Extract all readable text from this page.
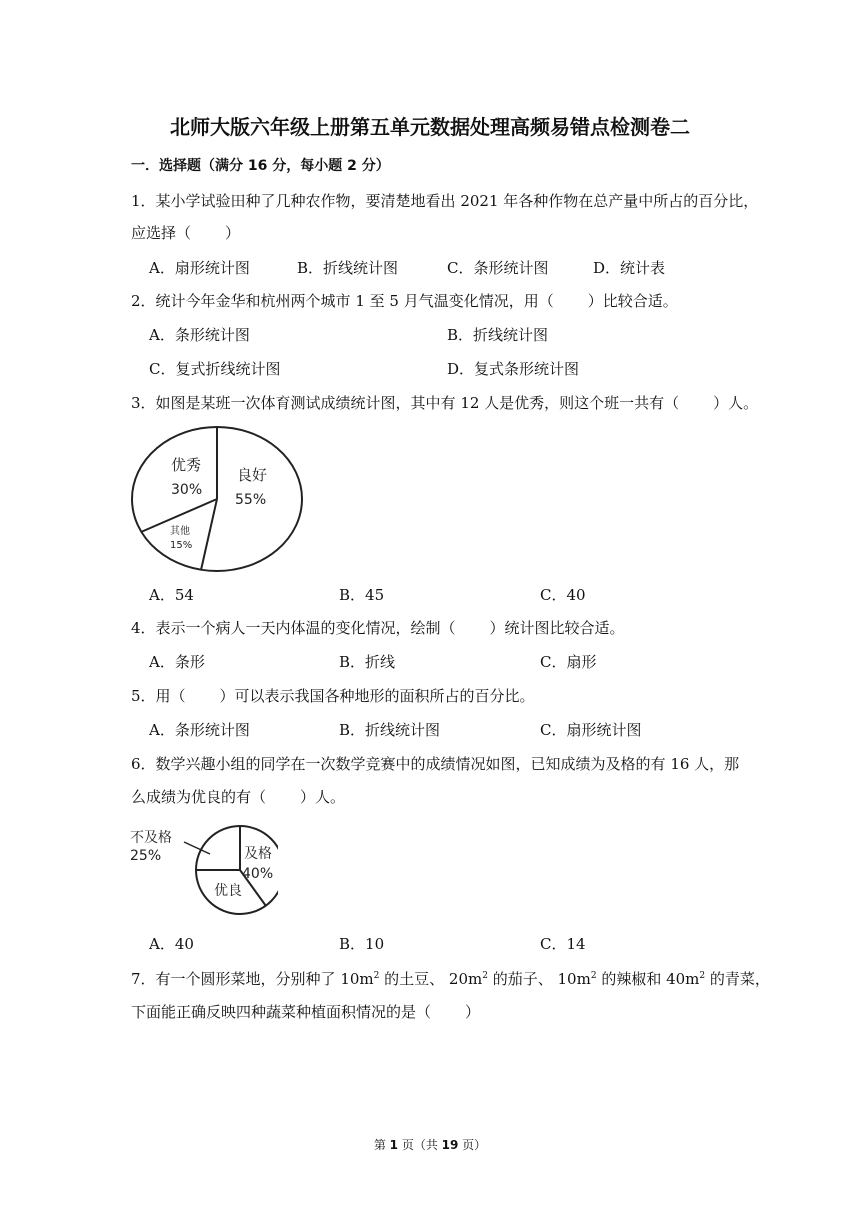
北师大版六年级上册第五单元数据处理高频易错点检测卷二
一．选择题（满分 16 分，每小题 2 分）
1．某小学试验田种了几种农作物，要清楚地看出 2021 年各种作物在总产量中所占的百分比，
应选择（ ）
A．扇形统计图	B．折线统计图	C．条形统计图	D．统计表
2．统计今年金华和杭州两个城市 1 至 5 月气温变化情况，用（ ）比较合适。
A．条形统计图	B．折线统计图
C．复式折线统计图	D．复式条形统计图
3．如图是某班一次体育测试成绩统计图，其中有 12 人是优秀，则这个班一共有（ ）人。
优秀
30%
良好
55%
其他
15%
A．54	B．45	C．40
4．表示一个病人一天内体温的变化情况，绘制（ ）统计图比较合适。
A．条形	B．折线	C．扇形
5．用（ ）可以表示我国各种地形的面积所占的百分比。
A．条形统计图	B．折线统计图	C．扇形统计图
6．数学兴趣小组的同学在一次数学竞赛中的成绩情况如图，已知成绩为及格的有 16 人，那
么成绩为优良的有（ ）人。
不及格
25%	及格
40%
优良
A．40	B．10	C．14
7．有一个圆形菜地，分别种了 $10m^2$ 的土豆、 $20m^2$ 的茄子、 $10m^2$ 的辣椒和 $40m^2$ 的青菜，
下面能正确反映四种蔬菜种植面积情况的是（ ）
第 1 页（共 19 页）
